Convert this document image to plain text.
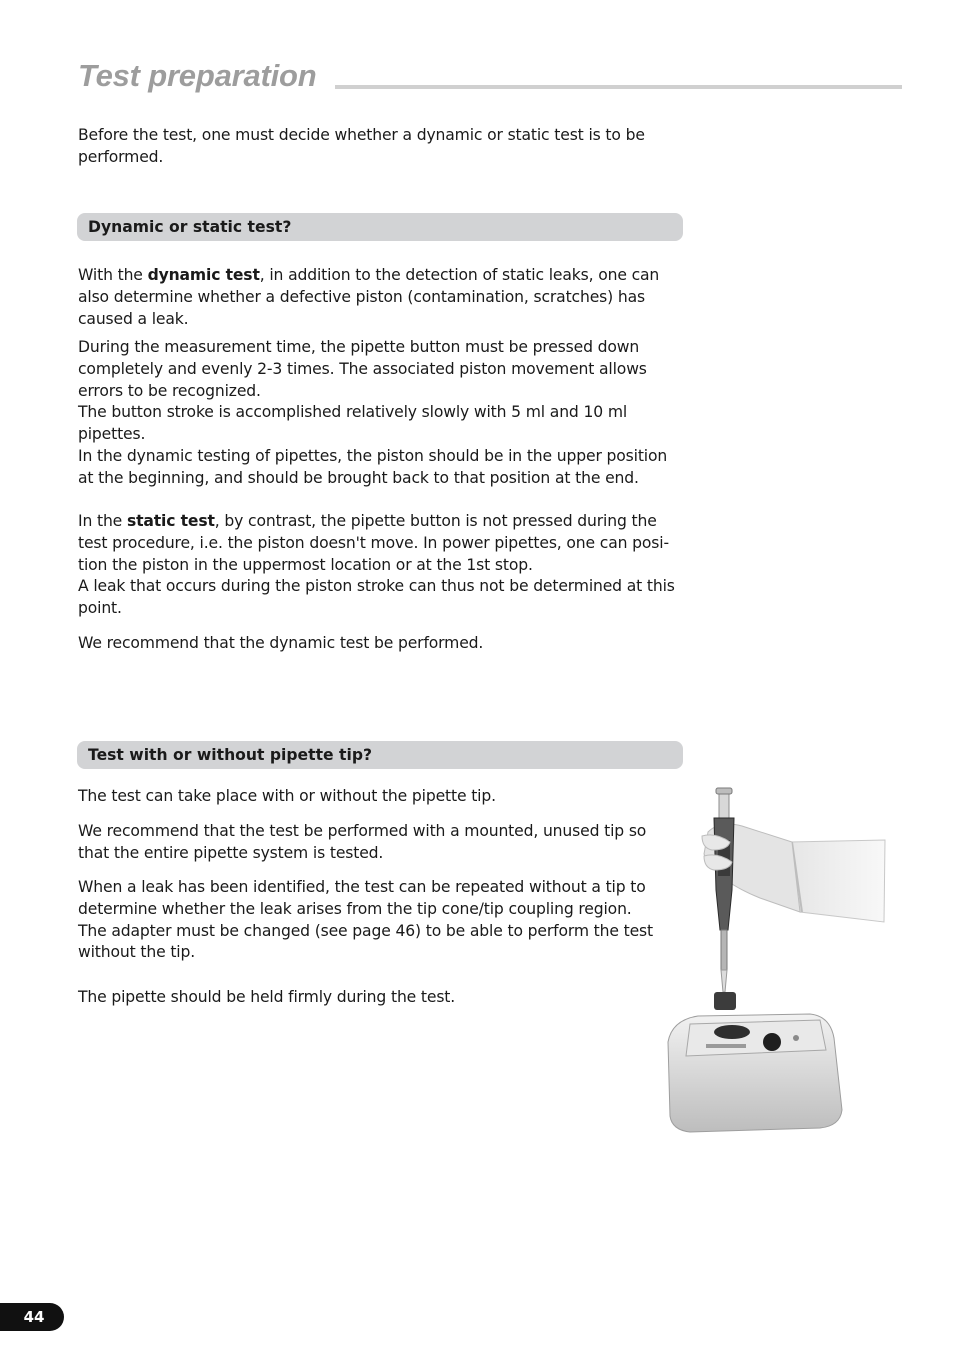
Test preparation

Before the test, one must decide whether a dynamic or static test is to be performed.

Dynamic or static test?

With the dynamic test, in addition to the detection of static leaks, one can also determine whether a defective piston (contamination, scratches) has caused a leak.

During the measurement time, the pipette button must be pressed down completely and evenly 2-3 times. The associated piston movement allows errors to be recognized.
The button stroke is accomplished relatively slowly with 5 ml and 10 ml pipettes.
In the dynamic testing of pipettes, the piston should be in the upper position at the beginning, and should be brought back to that position at the end.
In the static test, by contrast, the pipette button is not pressed during the test procedure, i.e. the piston doesn't move. In power pipettes, one can posi-tion the piston in the uppermost location or at the 1st stop.
A leak that occurs during the piston stroke can thus not be determined at this point.

We recommend that the dynamic test be performed.

Test with or without pipette tip?

The test can take place with or without the pipette tip.

We recommend that the test be performed with a mounted, unused tip so that the entire pipette system is tested.

When a leak has been identified, the test can be repeated without a tip to determine whether the leak arises from the tip cone/tip coupling region.
The adapter must be changed (see page 46) to be able to perform the test without the tip.

The pipette should be held firmly during the test.

44
